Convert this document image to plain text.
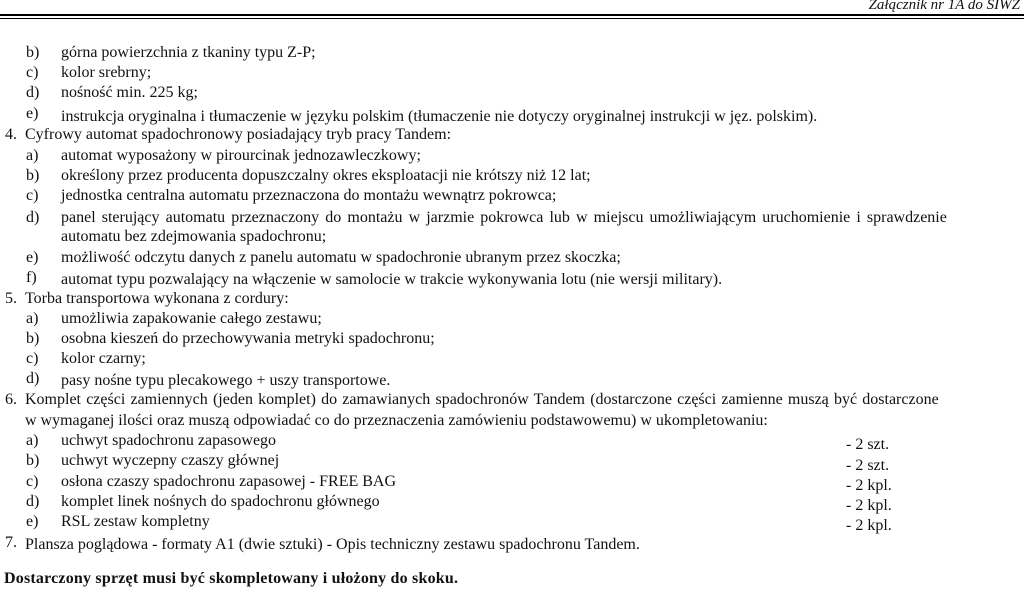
Załącznik nr 1A do SIWZ
b) górna powierzchnia z tkaniny typu Z-P;
c) kolor srebrny;
d) nośność min. 225 kg;
e) instrukcja oryginalna i tłumaczenie w języku polskim (tłumaczenie nie dotyczy oryginalnej instrukcji w jęz. polskim).
4. Cyfrowy automat spadochronowy posiadający tryb pracy Tandem:
a) automat wyposażony w pirourcinak jednozawleczkowy;
b) określony przez producenta dopuszczalny okres eksploatacji nie krótszy niż 12 lat;
c) jednostka centralna automatu przeznaczona do montażu wewnątrz pokrowca;
d) panel sterujący automatu przeznaczony do montażu w jarzmie pokrowca lub w miejscu umożliwiającym uruchomienie i sprawdzenie
automatu bez zdejmowania spadochronu;
e) możliwość odczytu danych z panelu automatu w spadochronie ubranym przez skoczka;
f) automat typu pozwalający na włączenie w samolocie w trakcie wykonywania lotu (nie wersji military).
5. Torba transportowa wykonana z cordury:
a) umożliwia zapakowanie całego zestawu;
b) osobna kieszeń do przechowywania metryki spadochronu;
c) kolor czarny;
d) pasy nośne typu plecakowego + uszy transportowe.
6. Komplet części zamiennych (jeden komplet) do zamawianych spadochronów Tandem (dostarczone części zamienne muszą być dostarczone
w wymaganej ilości oraz muszą odpowiadać co do przeznaczenia zamówieniu podstawowemu) w ukompletowaniu:
a) uchwyt spadochronu zapasowego	- 2 szt.
b) uchwyt wyczepny czaszy głównej	- 2 szt.
c) osłona czaszy spadochronu zapasowej - FREE BAG	- 2 kpl.
d) komplet linek nośnych do spadochronu głównego	- 2 kpl.
e) RSL zestaw kompletny	- 2 kpl.
7. Plansza poglądowa - formaty A1 (dwie sztuki) - Opis techniczny zestawu spadochronu Tandem.
Dostarczony sprzęt musi być skompletowany i ułożony do skoku.
